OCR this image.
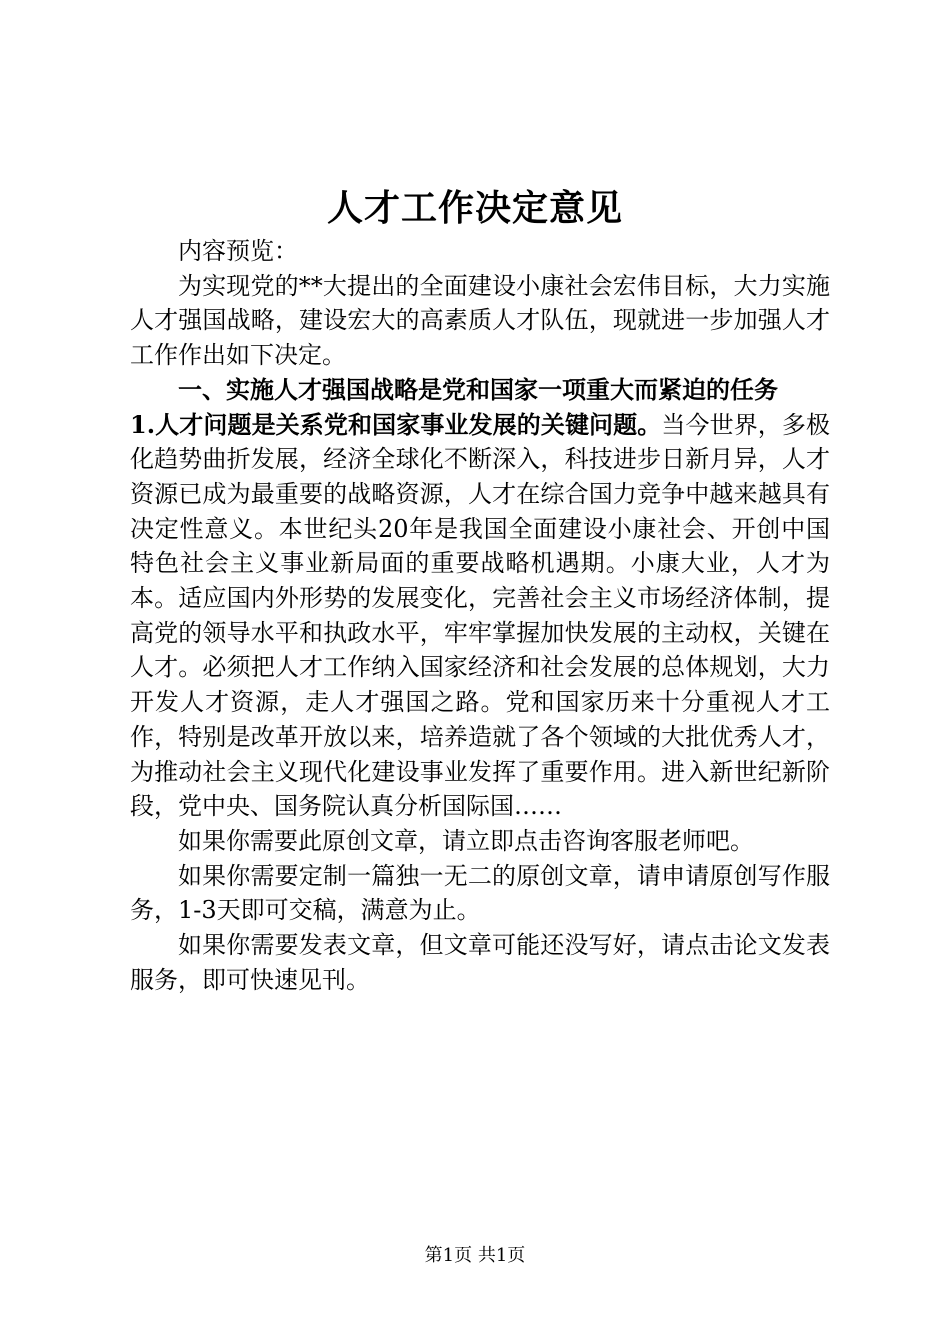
人才工作决定意见

内容预览：

为实现党的**大提出的全面建设小康社会宏伟目标，大力实施人才强国战略，建设宏大的高素质人才队伍，现就进一步加强人才工作作出如下决定。

一、实施人才强国战略是党和国家一项重大而紧迫的任务

1.人才问题是关系党和国家事业发展的关键问题。当今世界，多极化趋势曲折发展，经济全球化不断深入，科技进步日新月异，人才资源已成为最重要的战略资源，人才在综合国力竞争中越来越具有决定性意义。本世纪头20年是我国全面建设小康社会、开创中国特色社会主义事业新局面的重要战略机遇期。小康大业，人才为本。适应国内外形势的发展变化，完善社会主义市场经济体制，提高党的领导水平和执政水平，牢牢掌握加快发展的主动权，关键在人才。必须把人才工作纳入国家经济和社会发展的总体规划，大力开发人才资源，走人才强国之路。党和国家历来十分重视人才工作，特别是改革开放以来，培养造就了各个领域的大批优秀人才，为推动社会主义现代化建设事业发挥了重要作用。进入新世纪新阶段，党中央、国务院认真分析国际国……

如果你需要此原创文章，请立即点击咨询客服老师吧。

如果你需要定制一篇独一无二的原创文章，请申请原创写作服务，1-3天即可交稿，满意为止。

如果你需要发表文章，但文章可能还没写好，请点击论文发表服务，即可快速见刊。

第1页 共1页
